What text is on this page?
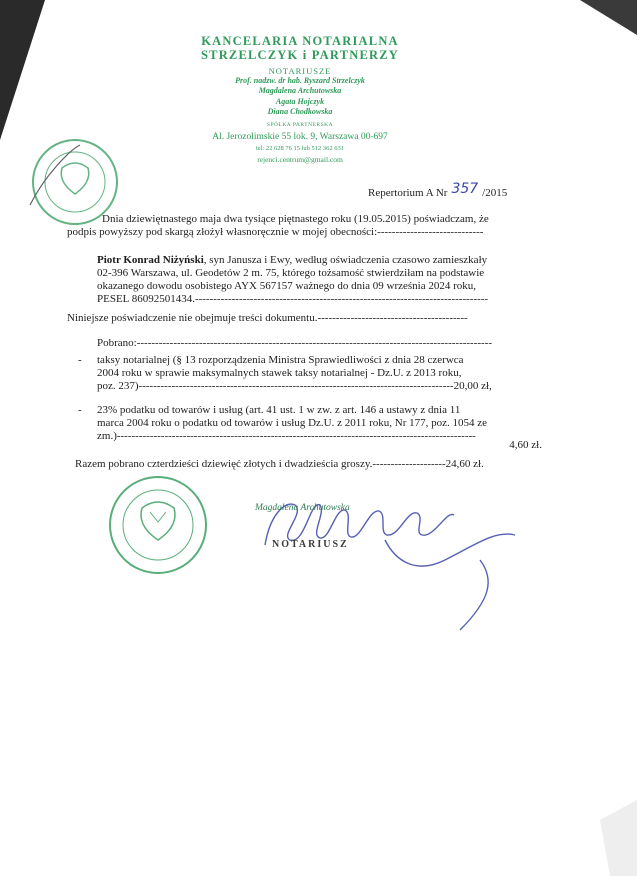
KANCELARIA NOTARIALNA
STRZELCZYK i PARTNERZY
NOTARIUSZE
Prof. nadzw. dr hab. Ryszard Strzelczyk
Magdalena Archutowska
Agata Hojczyk
Diana Chodkowska
SPÓŁKA PARTNERSKA
Al. Jerozolimskie 55 lok. 9, Warszawa 00-697
tel: 22 628 76 15 lub 512 362 631
rejenci.centrum@gmail.com
Repertorium A Nr 357 /2015
Dnia dziewiętnastego maja dwa tysiące piętnastego roku (19.05.2015) poświadczam, że
podpis powyższy pod skargą złożył własnoręcznie w mojej obecności:-----------------------------
Piotr Konrad Niżyński, syn Janusza i Ewy, według oświadczenia czasowo zamieszkały
02-396 Warszawa, ul. Geodetów 2 m. 75, którego tożsamość stwierdziłam na podstawie
okazanego dowodu osobistego AYX 567157 ważnego do dnia 09 września 2024 roku,
PESEL 86092501434.--------------------------------------------------------------------------------
Niniejsze poświadczenie nie obejmuje treści dokumentu.-----------------------------------------
Pobrano:-------------------------------------------------------------------------------------------------
- taksy notarialnej (§ 13 rozporządzenia Ministra Sprawiedliwości z dnia 28 czerwca
2004 roku w sprawie maksymalnych stawek taksy notarialnej - Dz.U. z 2013 roku,
poz. 237)--------------------------------------------------------------------------------------20,00 zł,
- 23% podatku od towarów i usług (art. 41 ust. 1 w zw. z art. 146 a ustawy z dnia 11
marca 2004 roku o podatku od towarów i usług Dz.U. z 2011 roku, Nr 177, poz. 1054 ze
zm.)--------------------------------------------------------------------------------------------------
4,60 zł.
Razem pobrano czterdzieści dziewięć złotych i dwadzieścia groszy.--------------------24,60 zł.
Magdalena Archutowska
NOTARIUSZ
